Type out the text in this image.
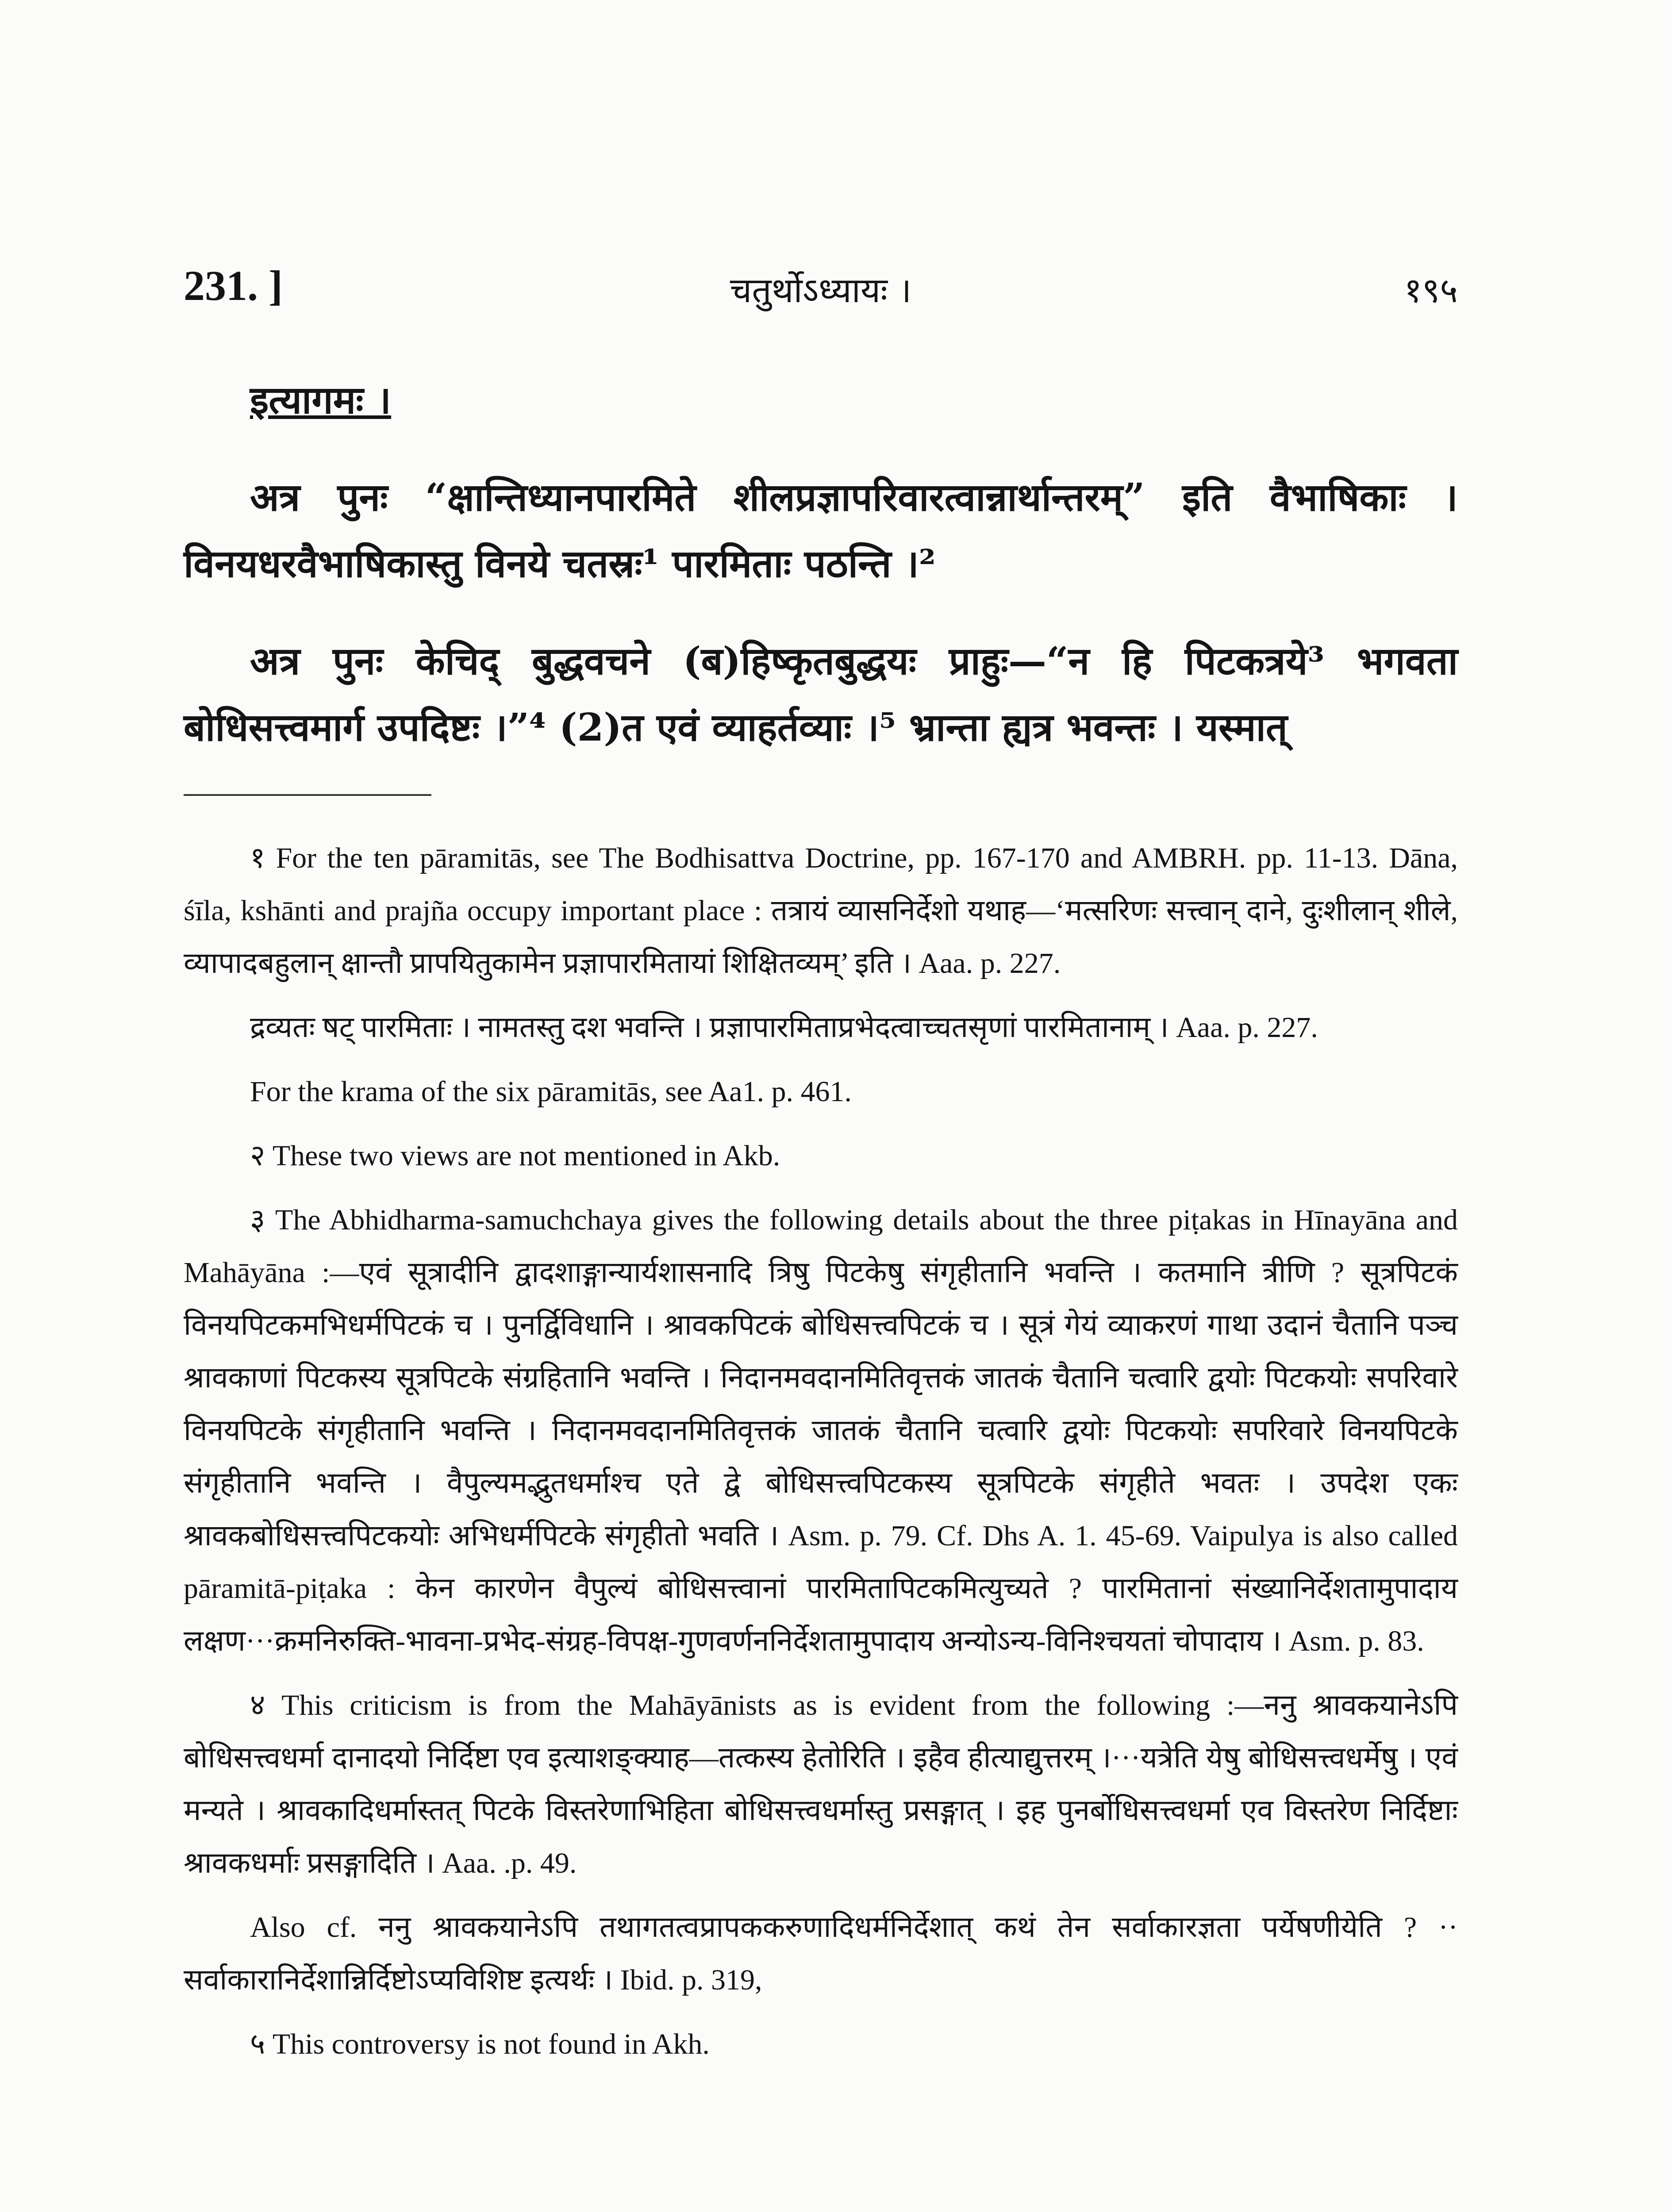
231. ]	चतुर्थोऽध्यायः ।	१९५

इत्यागमः ।

अत्र पुनः “क्षान्तिध्यानपारमिते शीलप्रज्ञापरिवारत्वान्नार्थान्तरम्” इति वैभाषिकाः । विनयधरवैभाषिकास्तु विनये चतस्रः¹ पारमिताः पठन्ति ।²

अत्र पुनः केचिद् बुद्धवचने (ब)हिष्कृतबुद्धयः प्राहुः—“न हि पिटकत्रये³ भगवता बोधिसत्त्वमार्ग उपदिष्टः ।”⁴ (2)त एवं व्याहर्तव्याः ।⁵ भ्रान्ता ह्यत्र भवन्तः । यस्मात्

१ For the ten pāramitās, see The Bodhisattva Doctrine, pp. 167-170 and AMBRH. pp. 11-13. Dāna, śīla, kshānti and prajña occupy important place : तत्रायं व्यासनिर्देशो यथाह—‘मत्सरिणः सत्त्वान् दाने, दुःशीलान् शीले, व्यापादबहुलान् क्षान्तौ प्रापयितुकामेन प्रज्ञापारमितायां शिक्षितव्यम्’ इति । Aaa. p. 227.

द्रव्यतः षट् पारमिताः । नामतस्तु दश भवन्ति । प्रज्ञापारमिताप्रभेदत्वाच्चतसृणां पारमितानाम् । Aaa. p. 227.

For the krama of the six pāramitās, see Aa1. p. 461.

२ These two views are not mentioned in Akb.

३ The Abhidharma-samuchchaya gives the following details about the three piṭakas in Hīnayāna and Mahāyāna :—एवं सूत्रादीनि द्वादशाङ्गान्यार्यशासनादि त्रिषु पिटकेषु संगृहीतानि भवन्ति । कतमानि त्रीणि ? सूत्रपिटकं विनयपिटकमभिधर्मपिटकं च । पुनर्द्विविधानि । श्रावकपिटकं बोधिसत्त्वपिटकं च । सूत्रं गेयं व्याकरणं गाथा उदानं चैतानि पञ्च श्रावकाणां पिटकस्य सूत्रपिटके संग्रहितानि भवन्ति । निदानमवदानमितिवृत्तकं जातकं चैतानि चत्वारि द्वयोः पिटकयोः सपरिवारे विनयपिटके संगृहीतानि भवन्ति । निदानमवदानमितिवृत्तकं जातकं चैतानि चत्वारि द्वयोः पिटकयोः सपरिवारे विनयपिटके संगृहीतानि भवन्ति । वैपुल्यमद्भुतधर्माश्च एते द्वे बोधिसत्त्वपिटकस्य सूत्रपिटके संगृहीते भवतः । उपदेश एकः श्रावकबोधिसत्त्वपिटकयोः अभिधर्मपिटके संगृहीतो भवति । Asm. p. 79. Cf. Dhs A. 1. 45-69. Vaipulya is also called pāramitā-piṭaka : केन कारणेन वैपुल्यं बोधिसत्त्वानां पारमितापिटकमित्युच्यते ? पारमितानां संख्यानिर्देशतामुपादाय लक्षण···क्रमनिरुक्ति-भावना-प्रभेद-संग्रह-विपक्ष-गुणवर्णननिर्देशतामुपादाय अन्योऽन्य-विनिश्चयतां चोपादाय । Asm. p. 83.

४ This criticism is from the Mahāyānists as is evident from the following :—ननु श्रावकयानेऽपि बोधिसत्त्वधर्मा दानादयो निर्दिष्टा एव इत्याशङ्क्याह—तत्कस्य हेतोरिति । इहैव हीत्याद्युत्तरम् ।···यत्रेति येषु बोधिसत्त्वधर्मेषु । एवं मन्यते । श्रावकादिधर्मास्तत् पिटके विस्तरेणाभिहिता बोधिसत्त्वधर्मास्तु प्रसङ्गात् । इह पुनर्बोधिसत्त्वधर्मा एव विस्तरेण निर्दिष्टाः श्रावकधर्माः प्रसङ्गादिति । Aaa. .p. 49.

Also cf. ननु श्रावकयानेऽपि तथागतत्वप्रापककरुणादिधर्मनिर्देशात् कथं तेन सर्वाकारज्ञता पर्येषणीयेति ? ·· सर्वाकारानिर्देशान्निर्दिष्टोऽप्यविशिष्ट इत्यर्थः । Ibid. p. 319,

५ This controversy is not found in Akh.
